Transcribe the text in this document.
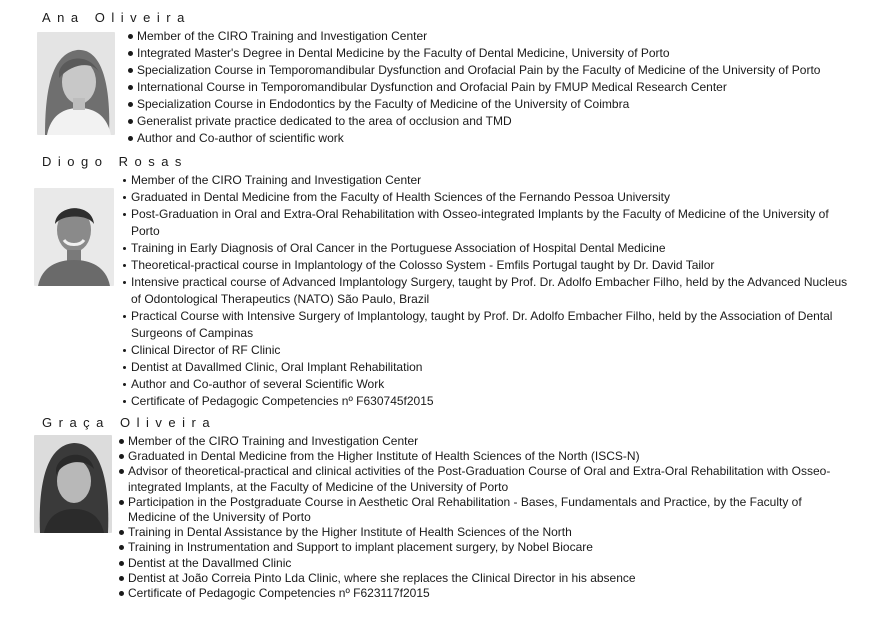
Ana Oliveira
Member of the CIRO Training and Investigation Center
Integrated Master's Degree in Dental Medicine by the Faculty of Dental Medicine, University of Porto
Specialization Course in Temporomandibular Dysfunction and Orofacial Pain by the Faculty of Medicine of the University of Porto
International Course in Temporomandibular Dysfunction and Orofacial Pain by FMUP Medical Research Center
Specialization Course in Endodontics by the Faculty of Medicine of the University of Coimbra
Generalist private practice dedicated to the area of occlusion and TMD
Author and Co-author of scientific work
Diogo Rosas
Member of the CIRO Training and Investigation Center
Graduated in Dental Medicine from the Faculty of Health Sciences of the Fernando Pessoa University
Post-Graduation in Oral and Extra-Oral Rehabilitation with Osseo-integrated Implants by the Faculty of Medicine of the University of Porto
Training in Early Diagnosis of Oral Cancer in the Portuguese Association of Hospital Dental Medicine
Theoretical-practical course in Implantology of the Colosso System - Emfils Portugal taught by Dr. David Tailor
Intensive practical course of Advanced Implantology Surgery, taught by Prof. Dr. Adolfo Embacher Filho, held by the Advanced Nucleus of Odontological Therapeutics (NATO) São Paulo, Brazil
Practical Course with Intensive Surgery of Implantology, taught by Prof. Dr. Adolfo Embacher Filho, held by the Association of Dental Surgeons of Campinas
Clinical Director of RF Clinic
Dentist at Davallmed Clinic, Oral Implant Rehabilitation
Author and Co-author of several Scientific Work
Certificate of Pedagogic Competencies nº F630745f2015
Graça Oliveira
Member of the CIRO Training and Investigation Center
Graduated in Dental Medicine from the Higher Institute of Health Sciences of the North (ISCS-N)
Advisor of theoretical-practical and clinical activities of the Post-Graduation Course of Oral and Extra-Oral Rehabilitation with Osseo-integrated Implants, at the Faculty of Medicine of the University of Porto
Participation in the Postgraduate Course in Aesthetic Oral Rehabilitation - Bases, Fundamentals and Practice, by the Faculty of Medicine of the University of Porto
Training in Dental Assistance by the Higher Institute of Health Sciences of the North
Training in Instrumentation and Support to implant placement surgery, by Nobel Biocare
Dentist at the Davallmed Clinic
Dentist at João Correia Pinto Lda Clinic, where she replaces the Clinical Director in his absence
Certificate of Pedagogic Competencies nº F623117f2015
